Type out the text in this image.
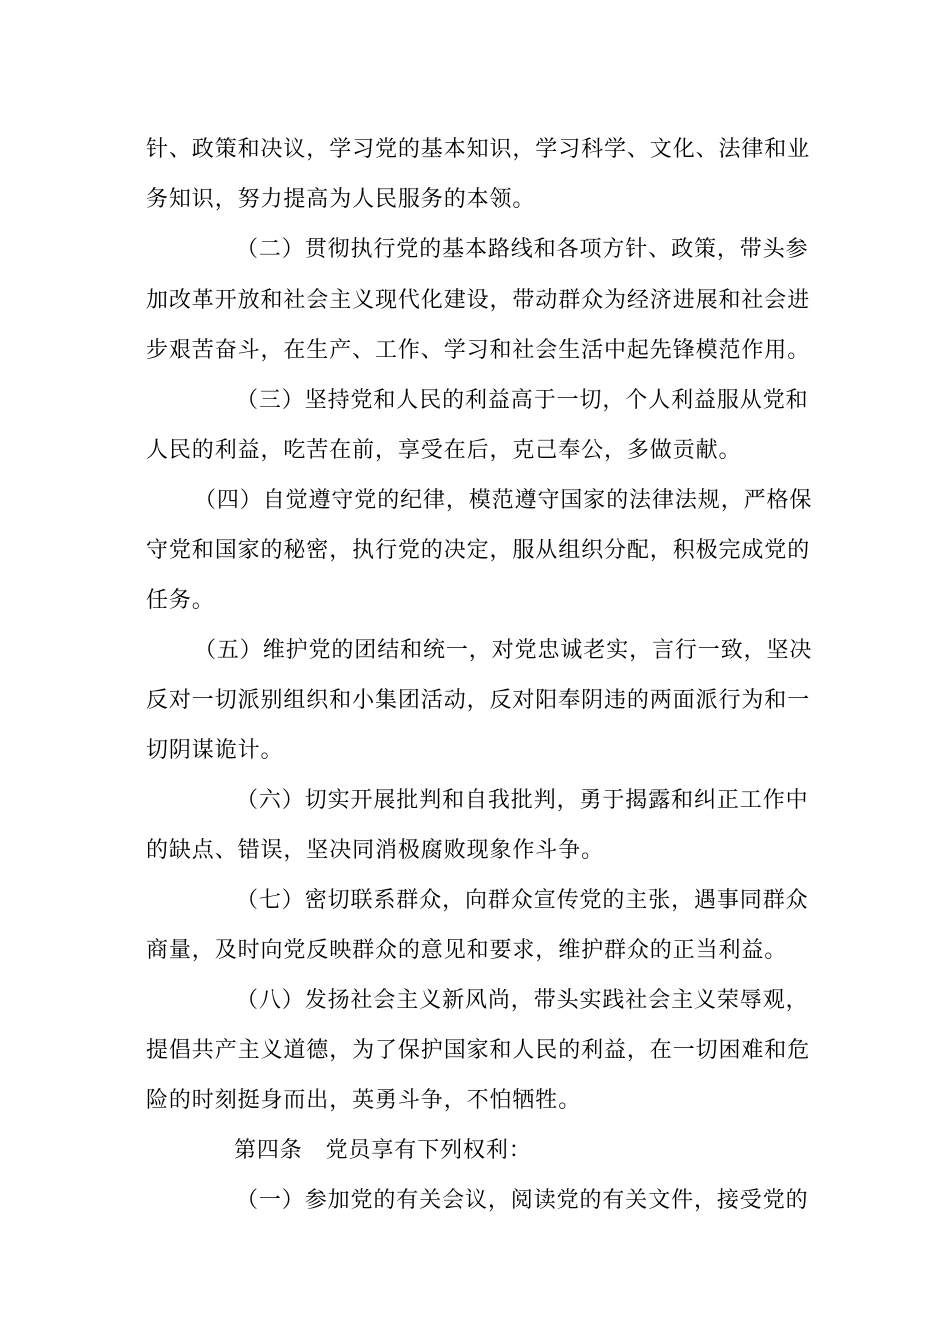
针、政策和决议，学习党的基本知识，学习科学、文化、法律和业

务知识，努力提高为人民服务的本领。

（二）贯彻执行党的基本路线和各项方针、政策，带头参

加改革开放和社会主义现代化建设，带动群众为经济进展和社会进

步艰苦奋斗，在生产、工作、学习和社会生活中起先锋模范作用。

（三）坚持党和人民的利益高于一切，个人利益服从党和

人民的利益，吃苦在前，享受在后，克己奉公，多做贡献。

（四）自觉遵守党的纪律，模范遵守国家的法律法规，严格保

守党和国家的秘密，执行党的决定，服从组织分配，积极完成党的

任务。

（五）维护党的团结和统一，对党忠诚老实，言行一致，坚决

反对一切派别组织和小集团活动，反对阳奉阴违的两面派行为和一

切阴谋诡计。

（六）切实开展批判和自我批判，勇于揭露和纠正工作中

的缺点、错误，坚决同消极腐败现象作斗争。

（七）密切联系群众，向群众宣传党的主张，遇事同群众

商量，及时向党反映群众的意见和要求，维护群众的正当利益。

（八）发扬社会主义新风尚，带头实践社会主义荣辱观，

提倡共产主义道德，为了保护国家和人民的利益，在一切困难和危

险的时刻挺身而出，英勇斗争，不怕牺牲。

第四条　党员享有下列权利：

（一）参加党的有关会议，阅读党的有关文件，接受党的
